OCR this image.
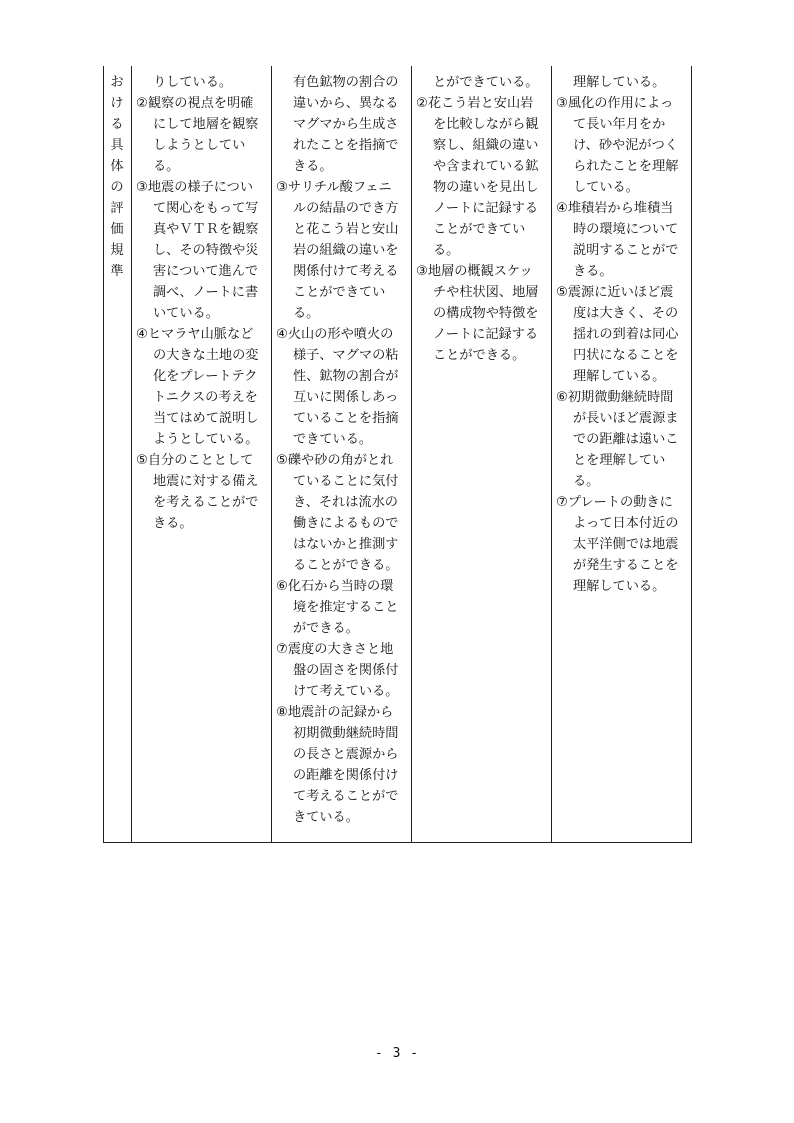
お
け
る
具
体
の
評
価
規
準
りしている。
②観察の視点を明確
にして地層を観察
しようとしてい
る。
③地震の様子につい
て関心をもって写
真やＶＴＲを観察
し、その特徴や災
害について進んで
調べ、ノートに書
いている。
④ヒマラヤ山脈など
の大きな土地の変
化をプレートテク
トニクスの考えを
当てはめて説明し
ようとしている。
⑤自分のこととして
地震に対する備え
を考えることがで
きる。
有色鉱物の割合の
違いから、異なる
マグマから生成さ
れたことを指摘で
きる。
③サリチル酸フェニ
ルの結晶のでき方
と花こう岩と安山
岩の組織の違いを
関係付けて考える
ことができてい
る。
④火山の形や噴火の
様子、マグマの粘
性、鉱物の割合が
互いに関係しあっ
ていることを指摘
できている。
⑤礫や砂の角がとれ
ていることに気付
き、それは流水の
働きによるもので
はないかと推測す
ることができる。
⑥化石から当時の環
境を推定すること
ができる。
⑦震度の大きさと地
盤の固さを関係付
けて考えている。
⑧地震計の記録から
初期微動継続時間
の長さと震源から
の距離を関係付け
て考えることがで
きている。
とができている。
②花こう岩と安山岩
を比較しながら観
察し、組織の違い
や含まれている鉱
物の違いを見出し
ノートに記録する
ことができてい
る。
③地層の概観スケッ
チや柱状図、地層
の構成物や特徴を
ノートに記録する
ことができる。
理解している。
③風化の作用によっ
て長い年月をか
け、砂や泥がつく
られたことを理解
している。
④堆積岩から堆積当
時の環境について
説明することがで
きる。
⑤震源に近いほど震
度は大きく、その
揺れの到着は同心
円状になることを
理解している。
⑥初期微動継続時間
が長いほど震源ま
での距離は遠いこ
とを理解してい
る。
⑦プレートの動きに
よって日本付近の
太平洋側では地震
が発生することを
理解している。
- 3 -
